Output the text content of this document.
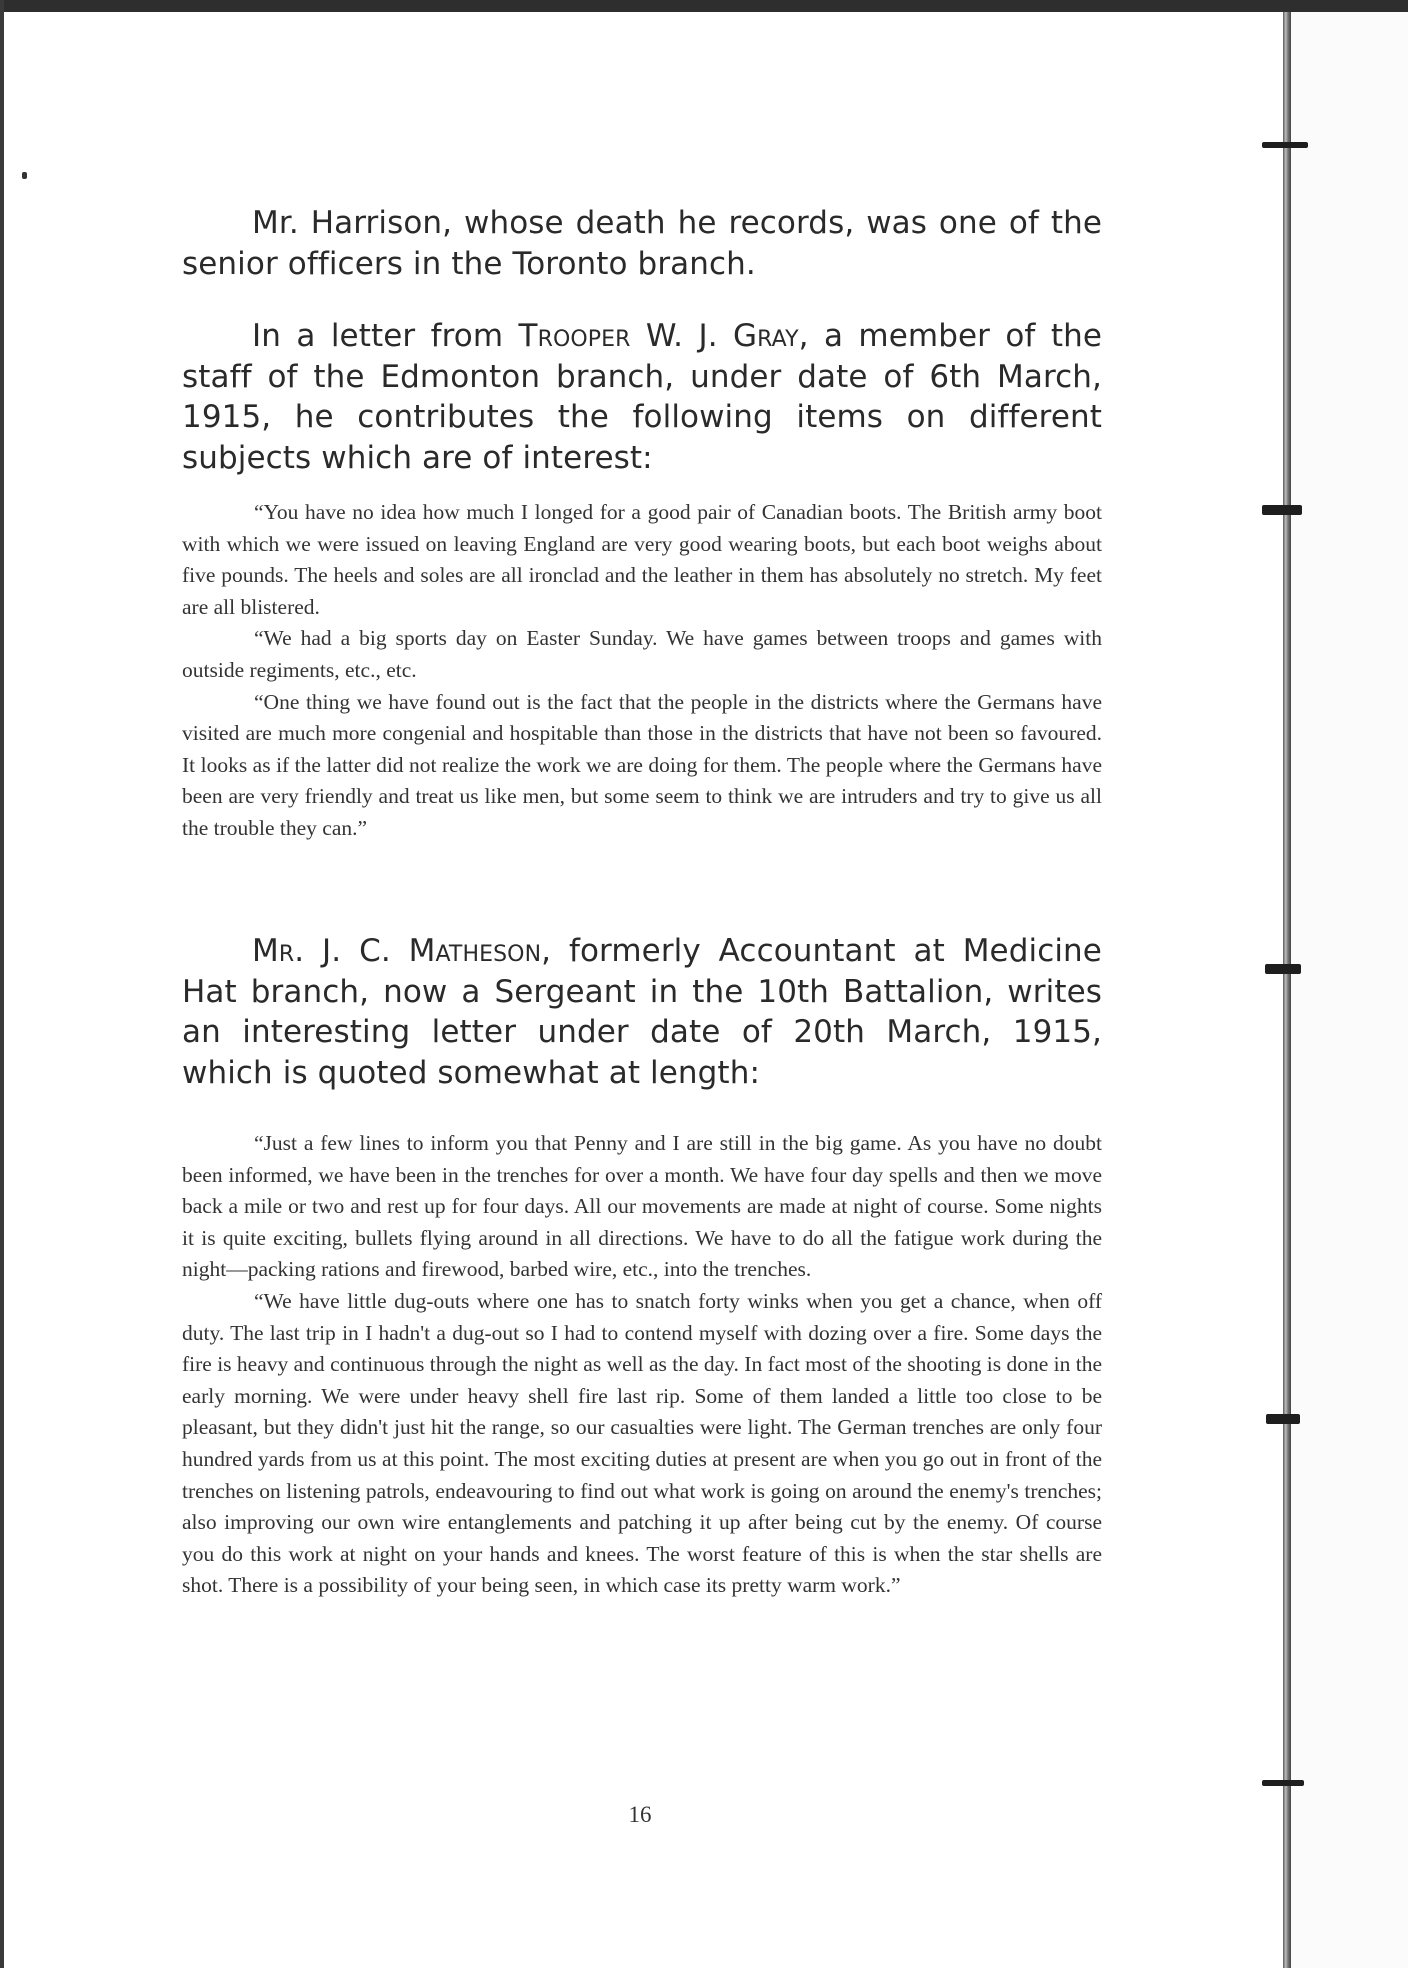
Mr. Harrison, whose death he records, was one of the senior officers in the Toronto branch.

In a letter from Trooper W. J. Gray, a member of the staff of the Edmonton branch, under date of 6th March, 1915, he contributes the following items on different subjects which are of interest:

“You have no idea how much I longed for a good pair of Canadian boots. The British army boot with which we were issued on leaving England are very good wearing boots, but each boot weighs about five pounds. The heels and soles are all ironclad and the leather in them has absolutely no stretch. My feet are all blistered.

“We had a big sports day on Easter Sunday. We have games between troops and games with outside regiments, etc., etc.

“One thing we have found out is the fact that the people in the districts where the Germans have visited are much more congenial and hospitable than those in the districts that have not been so favoured. It looks as if the latter did not realize the work we are doing for them. The people where the Germans have been are very friendly and treat us like men, but some seem to think we are intruders and try to give us all the trouble they can.”

Mr. J. C. Matheson, formerly Accountant at Medicine Hat branch, now a Sergeant in the 10th Battalion, writes an interesting letter under date of 20th March, 1915, which is quoted somewhat at length:

“Just a few lines to inform you that Penny and I are still in the big game. As you have no doubt been informed, we have been in the trenches for over a month. We have four day spells and then we move back a mile or two and rest up for four days. All our movements are made at night of course. Some nights it is quite exciting, bullets flying around in all directions. We have to do all the fatigue work during the night—packing rations and firewood, barbed wire, etc., into the trenches.

“We have little dug-outs where one has to snatch forty winks when you get a chance, when off duty. The last trip in I hadn't a dug-out so I had to contend myself with dozing over a fire. Some days the fire is heavy and continuous through the night as well as the day. In fact most of the shooting is done in the early morning. We were under heavy shell fire last rip. Some of them landed a little too close to be pleasant, but they didn't just hit the range, so our casualties were light. The German trenches are only four hundred yards from us at this point. The most exciting duties at present are when you go out in front of the trenches on listening patrols, endeavouring to find out what work is going on around the enemy's trenches; also improving our own wire entanglements and patching it up after being cut by the enemy. Of course you do this work at night on your hands and knees. The worst feature of this is when the star shells are shot. There is a possibility of your being seen, in which case its pretty warm work.”

16
